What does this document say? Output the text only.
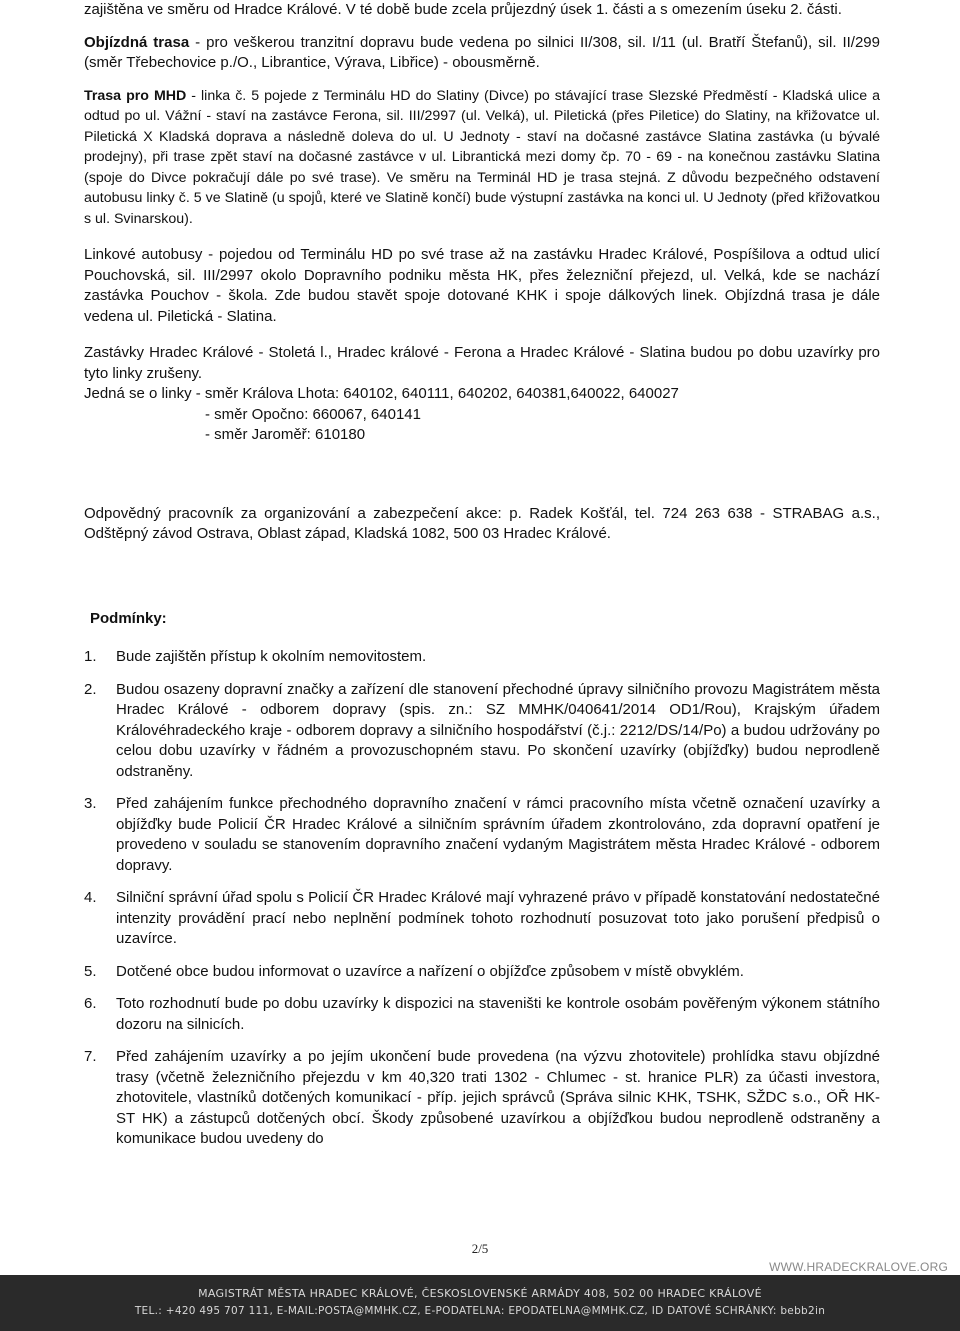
zajištěna ve směru od Hradce Králové. V té době bude zcela průjezdný úsek 1. části a s omezením úseku 2. části.

Objízdná trasa - pro veškerou tranzitní dopravu bude vedena po silnici II/308, sil. I/11 (ul. Bratří Štefanů), sil. II/299 (směr Třebechovice p./O., Librantice, Výrava, Libřice) - obousměrně.

Trasa pro MHD - linka č. 5 pojede z Terminálu HD do Slatiny (Divce) po stávající trase Slezské Předměstí - Kladská ulice a odtud po ul. Vážní - staví na zastávce Ferona, sil. III/2997 (ul. Velká), ul. Piletická (přes Piletice) do Slatiny, na křižovatce ul. Piletická X Kladská doprava a následně doleva do ul. U Jednoty - staví na dočasné zastávce Slatina zastávka (u bývalé prodejny), při trase zpět staví na dočasné zastávce v ul. Librantická mezi domy čp. 70 - 69 - na konečnou zastávku Slatina (spoje do Divce pokračují dále po své trase). Ve směru na Terminál HD je trasa stejná. Z důvodu bezpečného odstavení autobusu linky č. 5 ve Slatině (u spojů, které ve Slatině končí) bude výstupní zastávka na konci ul. U Jednoty (před křižovatkou s ul. Svinarskou).

Linkové autobusy - pojedou od Terminálu HD po své trase až na zastávku Hradec Králové, Pospíšilova a odtud ulicí Pouchovská, sil. III/2997 okolo Dopravního podniku města HK, přes železniční přejezd, ul. Velká, kde se nachází zastávka Pouchov - škola. Zde budou stavět spoje dotované KHK i spoje dálkových linek. Objízdná trasa je dále vedena ul. Piletická - Slatina.

Zastávky Hradec Králové - Stoletá l., Hradec králové - Ferona a Hradec Králové - Slatina budou po dobu uzavírky pro tyto linky zrušeny.

Jedná se o linky - směr Králova Lhota: 640102, 640111, 640202, 640381,640022, 640027

- směr Opočno: 660067, 640141

- směr Jaroměř: 610180

Odpovědný pracovník za organizování a zabezpečení akce: p. Radek Košťál, tel. 724 263 638 - STRABAG a.s., Odštěpný závod Ostrava, Oblast západ, Kladská 1082, 500 03 Hradec Králové.

Podmínky:

1. Bude zajištěn přístup k okolním nemovitostem.
2. Budou osazeny dopravní značky a zařízení dle stanovení přechodné úpravy silničního provozu Magistrátem města Hradec Králové - odborem dopravy (spis. zn.: SZ MMHK/040641/2014 OD1/Rou), Krajským úřadem Královéhradeckého kraje - odborem dopravy a silničního hospodářství (č.j.: 2212/DS/14/Po) a budou udržovány po celou dobu uzavírky v řádném a provozuschopném stavu. Po skončení uzavírky (objížďky) budou neprodleně odstraněny.
3. Před zahájením funkce přechodného dopravního značení v rámci pracovního místa včetně označení uzavírky a objížďky bude Policií ČR Hradec Králové a silničním správním úřadem zkontrolováno, zda dopravní opatření je provedeno v souladu se stanovením dopravního značení vydaným Magistrátem města Hradec Králové - odborem dopravy.
4. Silniční správní úřad spolu s Policií ČR Hradec Králové mají vyhrazené právo v případě konstatování nedostatečné intenzity provádění prací nebo neplnění podmínek tohoto rozhodnutí posuzovat toto jako porušení předpisů o uzavírce.
5. Dotčené obce budou informovat o uzavírce a nařízení o objížďce způsobem v místě obvyklém.
6. Toto rozhodnutí bude po dobu uzavírky k dispozici na staveništi ke kontrole osobám pověřeným výkonem státního dozoru na silnicích.
7. Před zahájením uzavírky a po jejím ukončení bude provedena (na výzvu zhotovitele) prohlídka stavu objízdné trasy (včetně železničního přejezdu v km 40,320 trati 1302 - Chlumec - st. hranice PLR) za účasti investora, zhotovitele, vlastníků dotčených komunikací - příp. jejich správců (Správa silnic KHK, TSHK, SŽDC s.o., OŘ HK-ST HK) a zástupců dotčených obcí. Škody způsobené uzavírkou a objížďkou budou neprodleně odstraněny a komunikace budou uvedeny do
2/5
WWW.HRADECKRALOVE.ORG
MAGISTRÁT MĚSTA HRADEC KRÁLOVÉ, ČESKOSLOVENSKÉ ARMÁDY 408, 502 00 HRADEC KRÁLOVÉ
TEL.: +420 495 707 111, E-MAIL:POSTA@MMHK.CZ, E-PODATELNA: EPODATELNA@MMHK.CZ, ID DATOVÉ SCHRÁNKY: bebb2in
